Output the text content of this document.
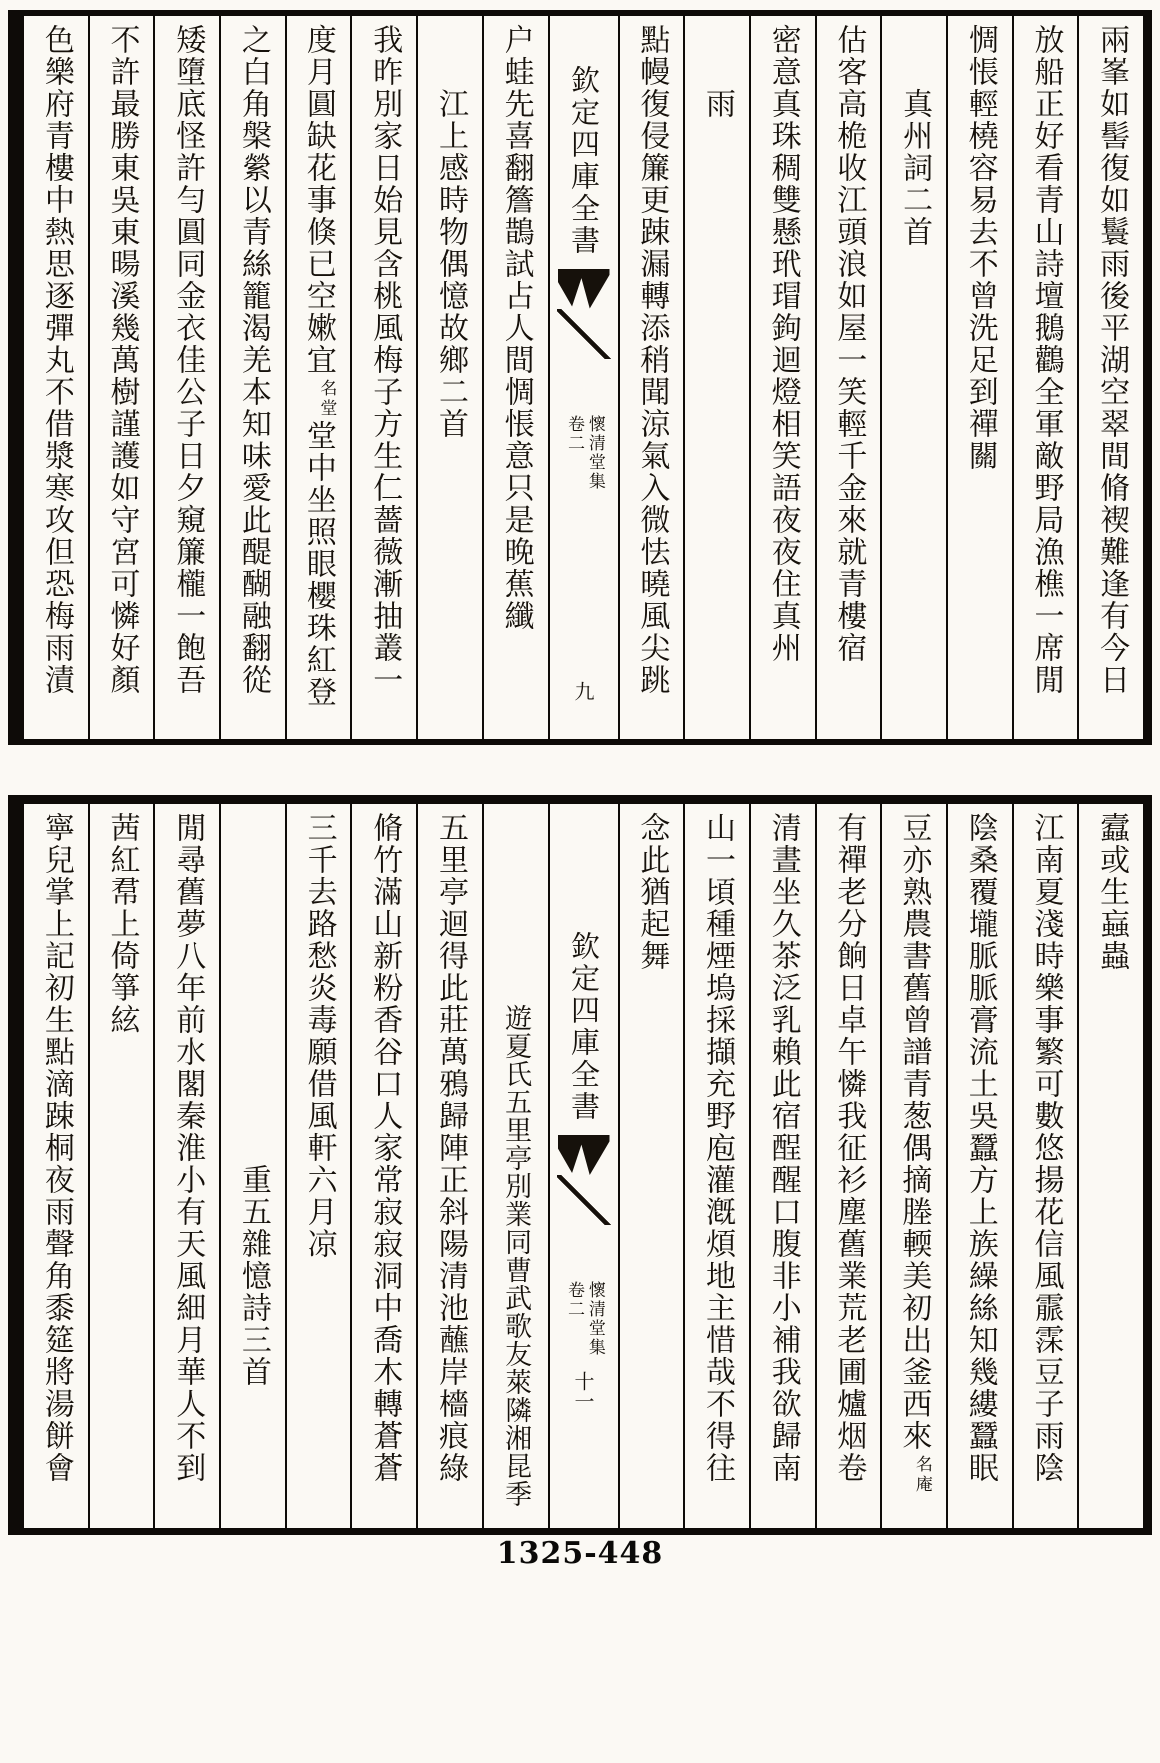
兩峯如髻復如鬟雨後平湖空翠間脩褉難逢有今日
放船正好看青山詩壇鵝鸛全軍敵野局漁樵一席閒
惆悵輕橈容易去不曾洗足到禪關
真州詞二首
估客高桅收江頭浪如屋一笑輕千金來就青樓宿
密意真珠稠雙懸玳瑁鉤迴燈相笑語夜夜住真州
雨
點幔復侵簾更踈漏轉添稍聞涼氣入微怯曉風尖跳
欽定四庫全書
懷清堂集
卷二
九
户蛙先喜翻簷鵲試占人間惆悵意只是晚蕉纖
江上感時物偶憶故鄉二首
我昨別家日始見含桃風梅子方生仁薔薇漸抽叢一
度月圓缺花事倏已空嫰宜
堂
名
堂中坐照眼櫻珠紅登
之白角槃縈以青絲籠渴羌本知味愛此醍醐融翻從
矮墮底怪許勻圓同金衣佳公子日夕窺簾櫳一飽吾
不許最勝東吳東暘溪幾萬樹謹護如守宮可憐好顏
色樂府青樓中熱思逐彈丸不借漿寒攻但恐梅雨漬
蠧或生蝱蟲
江南夏淺時樂事繁可數悠揚花信風霢霂豆子雨陰
陰桑覆壠脈脈膏流土吳蠶方上族繰絲知幾縷蠶眠
豆亦熟農書舊曾譜青葱偶摘塍輭美初出釜西來
庵
名
有禪老分餉日卓午憐我征衫塵舊業荒老圃爐烟卷
清晝坐久茶泛乳賴此宿酲醒口腹非小補我欲歸南
山一頃種煙塢採擷充野庖灌漑煩地主惜哉不得往
念此猶起舞
欽定四庫全書
懷清堂集
卷二
十一
遊夏氏五里亭別業同曹武歌友萊隣湘昆季
五里亭迴得此莊萬鴉歸陣正斜陽清池蘸岸檣痕綠
脩竹滿山新粉香谷口人家常寂寂洞中喬木轉蒼蒼
三千去路愁炎毒願借風軒六月凉
重五雜憶詩三首
閒尋舊夢八年前水閣秦淮小有天風細月華人不到
茜紅帬上倚箏絃
寧兒掌上記初生點滴踈桐夜雨聲角黍筵將湯餅會
1325-448
